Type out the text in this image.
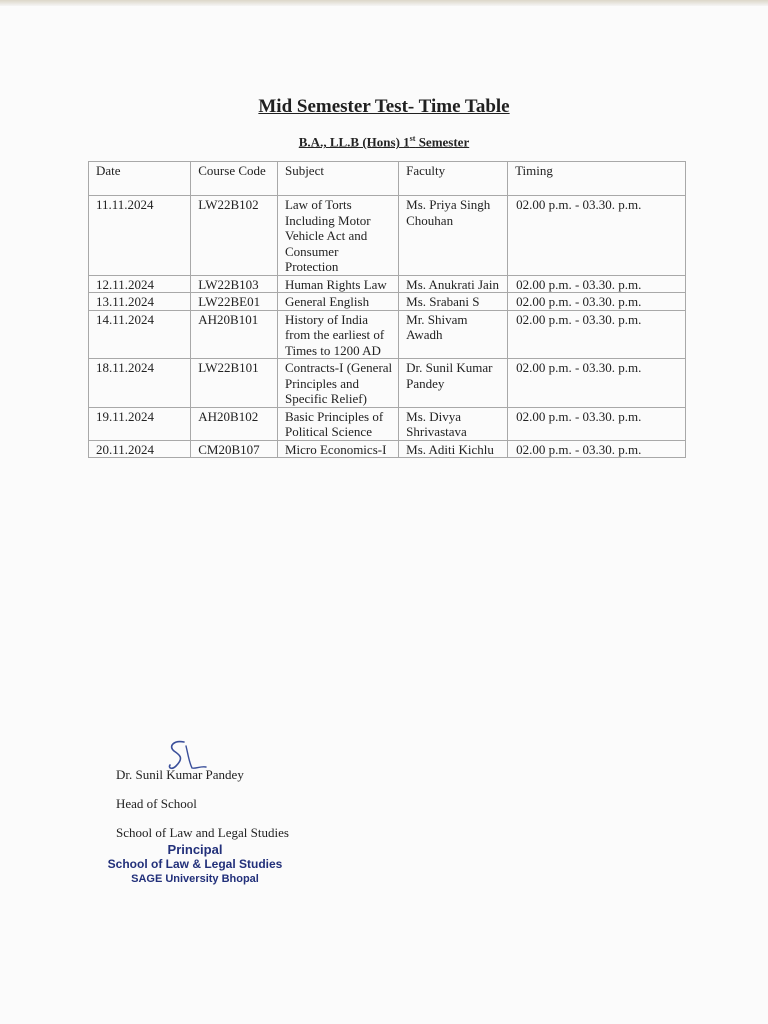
Mid Semester Test- Time Table
B.A., LL.B (Hons) 1st Semester
Date	Course Code	Subject	Faculty	Timing
11.11.2024	LW22B102	Law of Torts Including Motor Vehicle Act and Consumer Protection	Ms. Priya Singh Chouhan	02.00 p.m. - 03.30. p.m.
12.11.2024	LW22B103	Human Rights Law	Ms. Anukrati Jain	02.00 p.m. - 03.30. p.m.
13.11.2024	LW22BE01	General English	Ms. Srabani S	02.00 p.m. - 03.30. p.m.
14.11.2024	AH20B101	History of India from the earliest of Times to 1200 AD	Mr. Shivam Awadh	02.00 p.m. - 03.30. p.m.
18.11.2024	LW22B101	Contracts-I (General Principles and Specific Relief)	Dr. Sunil Kumar Pandey	02.00 p.m. - 03.30. p.m.
19.11.2024	AH20B102	Basic Principles of Political Science	Ms. Divya Shrivastava	02.00 p.m. - 03.30. p.m.
20.11.2024	CM20B107	Micro Economics-I	Ms. Aditi Kichlu	02.00 p.m. - 03.30. p.m.
Dr. Sunil Kumar Pandey
Head of School
School of Law and Legal Studies
Principal
School of Law & Legal Studies
SAGE University Bhopal
